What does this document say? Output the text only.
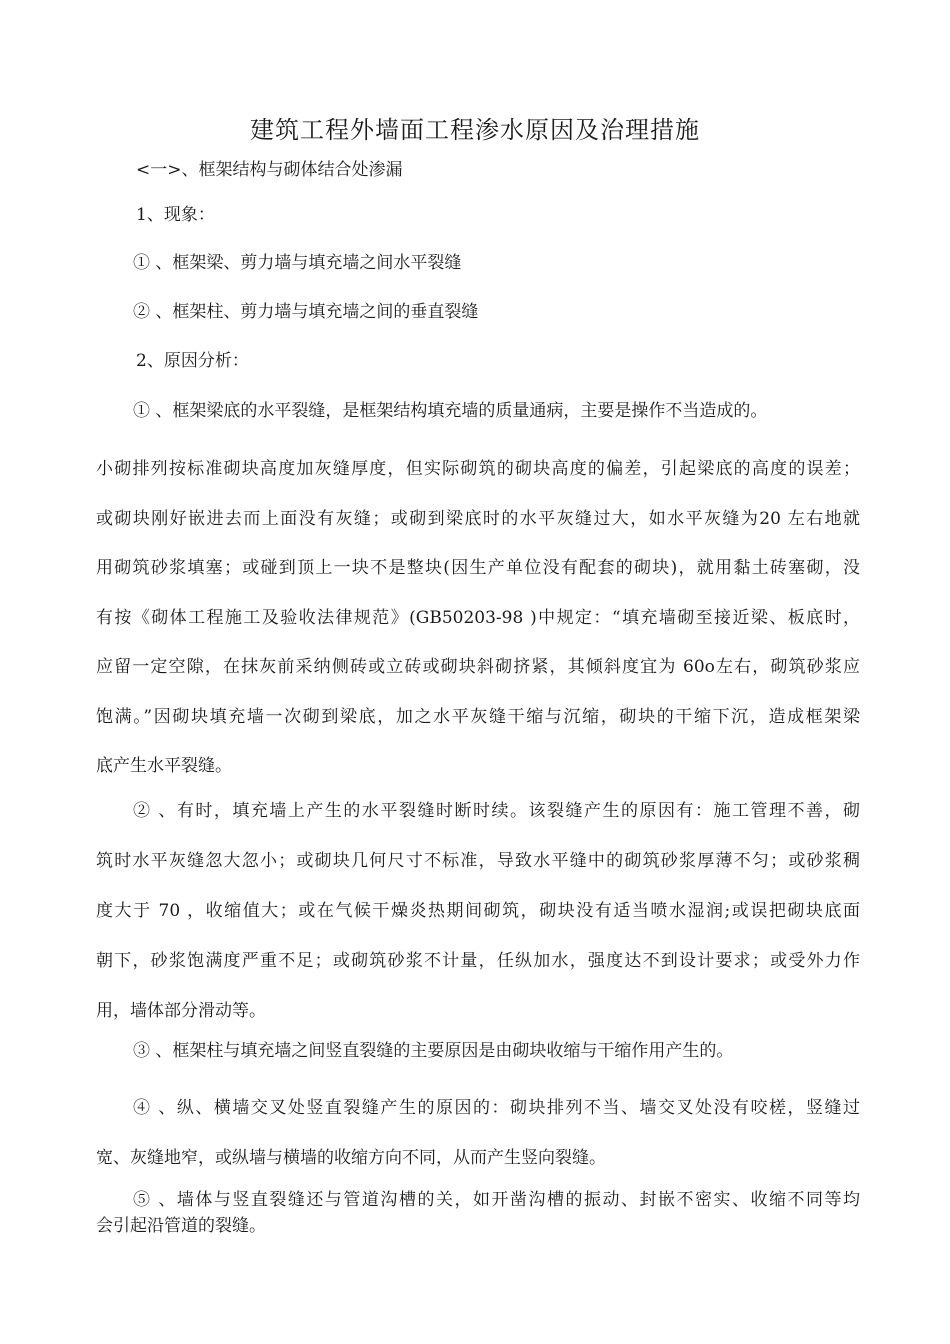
建筑工程外墙面工程渗水原因及治理措施
<一>、框架结构与砌体结合处渗漏
1、现象：
① 、框架梁、剪力墙与填充墙之间水平裂缝
② 、框架柱、剪力墙与填充墙之间的垂直裂缝
2、原因分析：
① 、框架梁底的水平裂缝，是框架结构填充墙的质量通病，主要是操作不当造成的。
小砌排列按标准砌块高度加灰缝厚度，但实际砌筑的砌块高度的偏差，引起梁底的高度的误差；
或砌块刚好嵌进去而上面没有灰缝；或砌到梁底时的水平灰缝过大，如水平灰缝为20 左右地就
用砌筑砂浆填塞；或碰到顶上一块不是整块(因生产单位没有配套的砌块)，就用黏土砖塞砌，没
有按《砌体工程施工及验收法律规范》(GB50203-98 )中规定：“填充墙砌至接近梁、板底时，
应留一定空隙，在抹灰前采纳侧砖或立砖或砌块斜砌挤紧，其倾斜度宜为 60o左右，砌筑砂浆应
饱满。”因砌块填充墙一次砌到梁底，加之水平灰缝干缩与沉缩，砌块的干缩下沉，造成框架梁
底产生水平裂缝。
② 、有时，填充墙上产生的水平裂缝时断时续。该裂缝产生的原因有：施工管理不善，砌
筑时水平灰缝忽大忽小；或砌块几何尺寸不标准，导致水平缝中的砌筑砂浆厚薄不匀；或砂浆稠
度大于 70 ，收缩值大；或在气候干燥炎热期间砌筑，砌块没有适当喷水湿润;或误把砌块底面
朝下，砂浆饱满度严重不足；或砌筑砂浆不计量，任纵加水，强度达不到设计要求；或受外力作
用，墙体部分滑动等。
③ 、框架柱与填充墙之间竖直裂缝的主要原因是由砌块收缩与干缩作用产生的。
④ 、纵、横墙交叉处竖直裂缝产生的原因的：砌块排列不当、墙交叉处没有咬槎，竖缝过
宽、灰缝地窄，或纵墙与横墙的收缩方向不同，从而产生竖向裂缝。
⑤ 、墙体与竖直裂缝还与管道沟槽的关，如开凿沟槽的振动、封嵌不密实、收缩不同等均
会引起沿管道的裂缝。
